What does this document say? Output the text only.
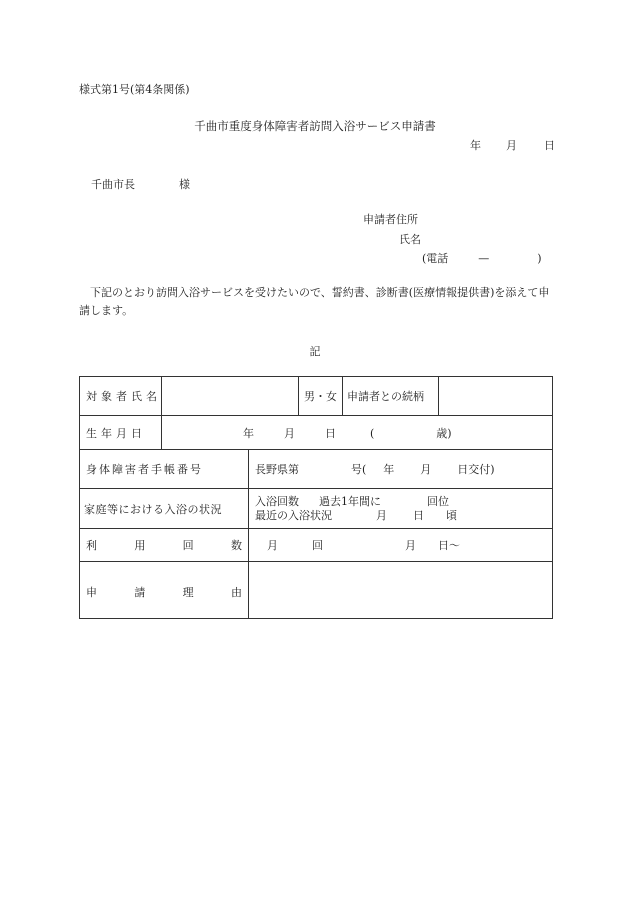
様式第1号(第4条関係)
千曲市重度身体障害者訪問入浴サービス申請書
年 月 日
千曲市長	様
申請者住所
氏名
(電話	—	)
下記のとおり訪問入浴サービスを受けたいので、誓約書、診断書(医療情報提供書)を添えて申請します。
記
対象者氏名			男・女	申請者との続柄	
生年月日	年 月 日 ( 歳)				
身体障害者手帳番号		長野県第 号( 年 月 日交付)			
家庭等における入浴の状況		入浴回数 過去1年間に 回位
最近の入浴状況 月 日 頃			

利 用 回 数		月 回 月 日〜			

申 請 理 由					
